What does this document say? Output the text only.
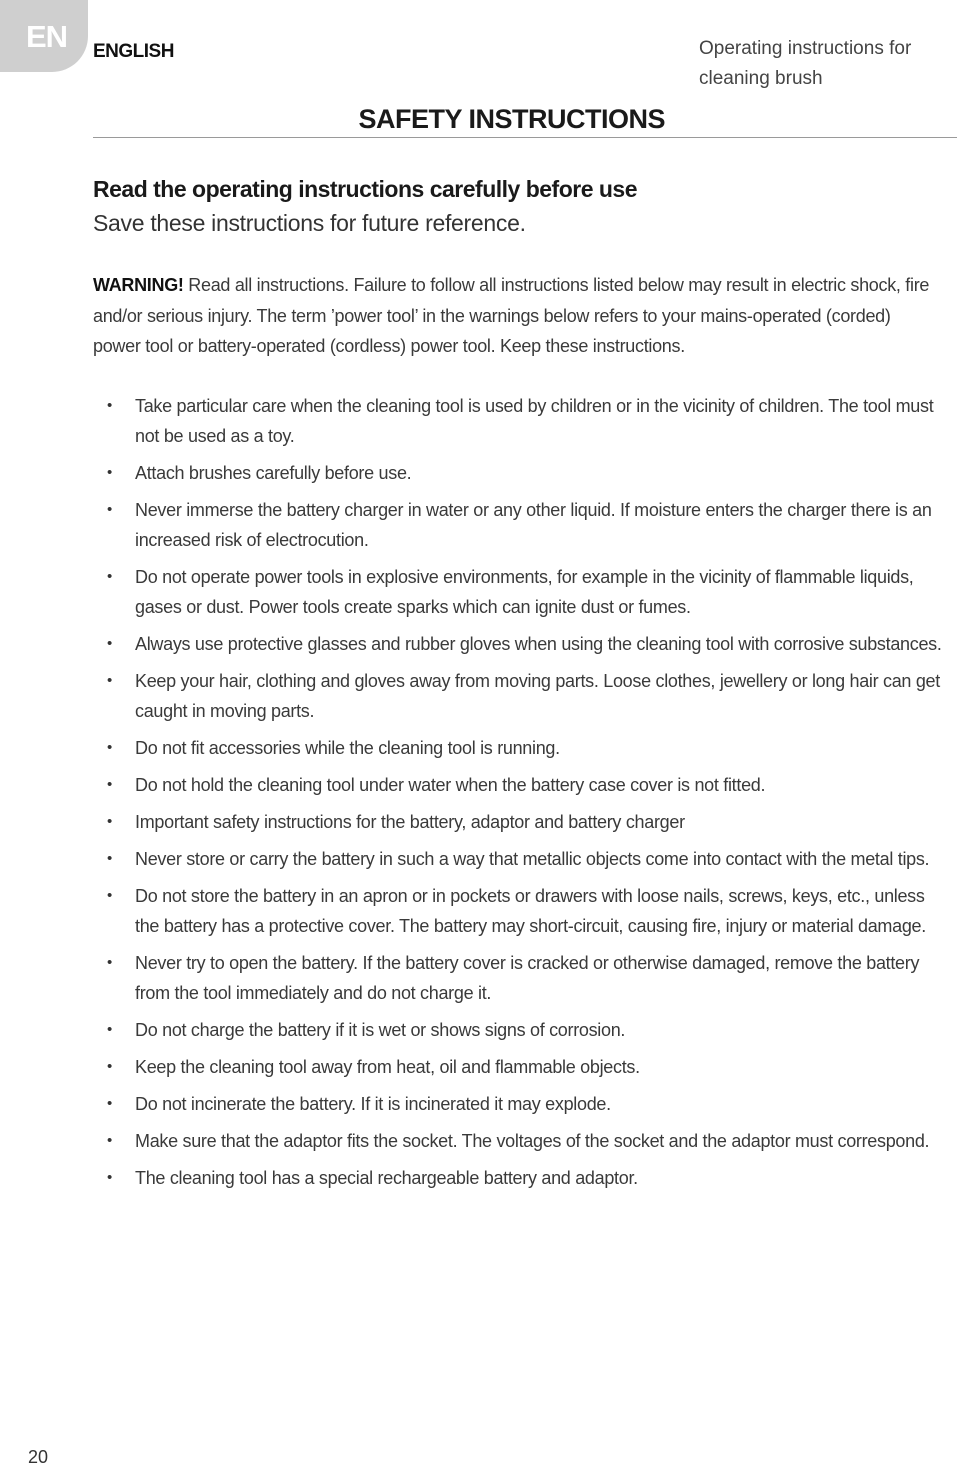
EN ENGLISH	Operating instructions for cleaning brush
SAFETY INSTRUCTIONS
Read the operating instructions carefully before use
Save these instructions for future reference.
WARNING! Read all instructions. Failure to follow all instructions listed below may result in electric shock, fire and/or serious injury. The term ’power tool’ in the warnings below refers to your mains-operated (corded) power tool or battery-operated (cordless) power tool. Keep these instructions.
• Take particular care when the cleaning tool is used by children or in the vicinity of children. The tool must not be used as a toy.
• Attach brushes carefully before use.
• Never immerse the battery charger in water or any other liquid. If moisture enters the charger there is an increased risk of electrocution.
• Do not operate power tools in explosive environments, for example in the vicinity of flammable liquids, gases or dust. Power tools create sparks which can ignite dust or fumes.
• Always use protective glasses and rubber gloves when using the cleaning tool with corrosive substances.
• Keep your hair, clothing and gloves away from moving parts. Loose clothes, jewellery or long hair can get caught in moving parts.
• Do not fit accessories while the cleaning tool is running.
• Do not hold the cleaning tool under water when the battery case cover is not fitted.
• Important safety instructions for the battery, adaptor and battery charger
• Never store or carry the battery in such a way that metallic objects come into contact with the metal tips.
• Do not store the battery in an apron or in pockets or drawers with loose nails, screws, keys, etc., unless the battery has a protective cover. The battery may short-circuit, causing fire, injury or material damage.
• Never try to open the battery. If the battery cover is cracked or otherwise damaged, remove the battery from the tool immediately and do not charge it.
• Do not charge the battery if it is wet or shows signs of corrosion.
• Keep the cleaning tool away from heat, oil and flammable objects.
• Do not incinerate the battery. If it is incinerated it may explode.
• Make sure that the adaptor fits the socket. The voltages of the socket and the adaptor must correspond.
• The cleaning tool has a special rechargeable battery and adaptor.
20
